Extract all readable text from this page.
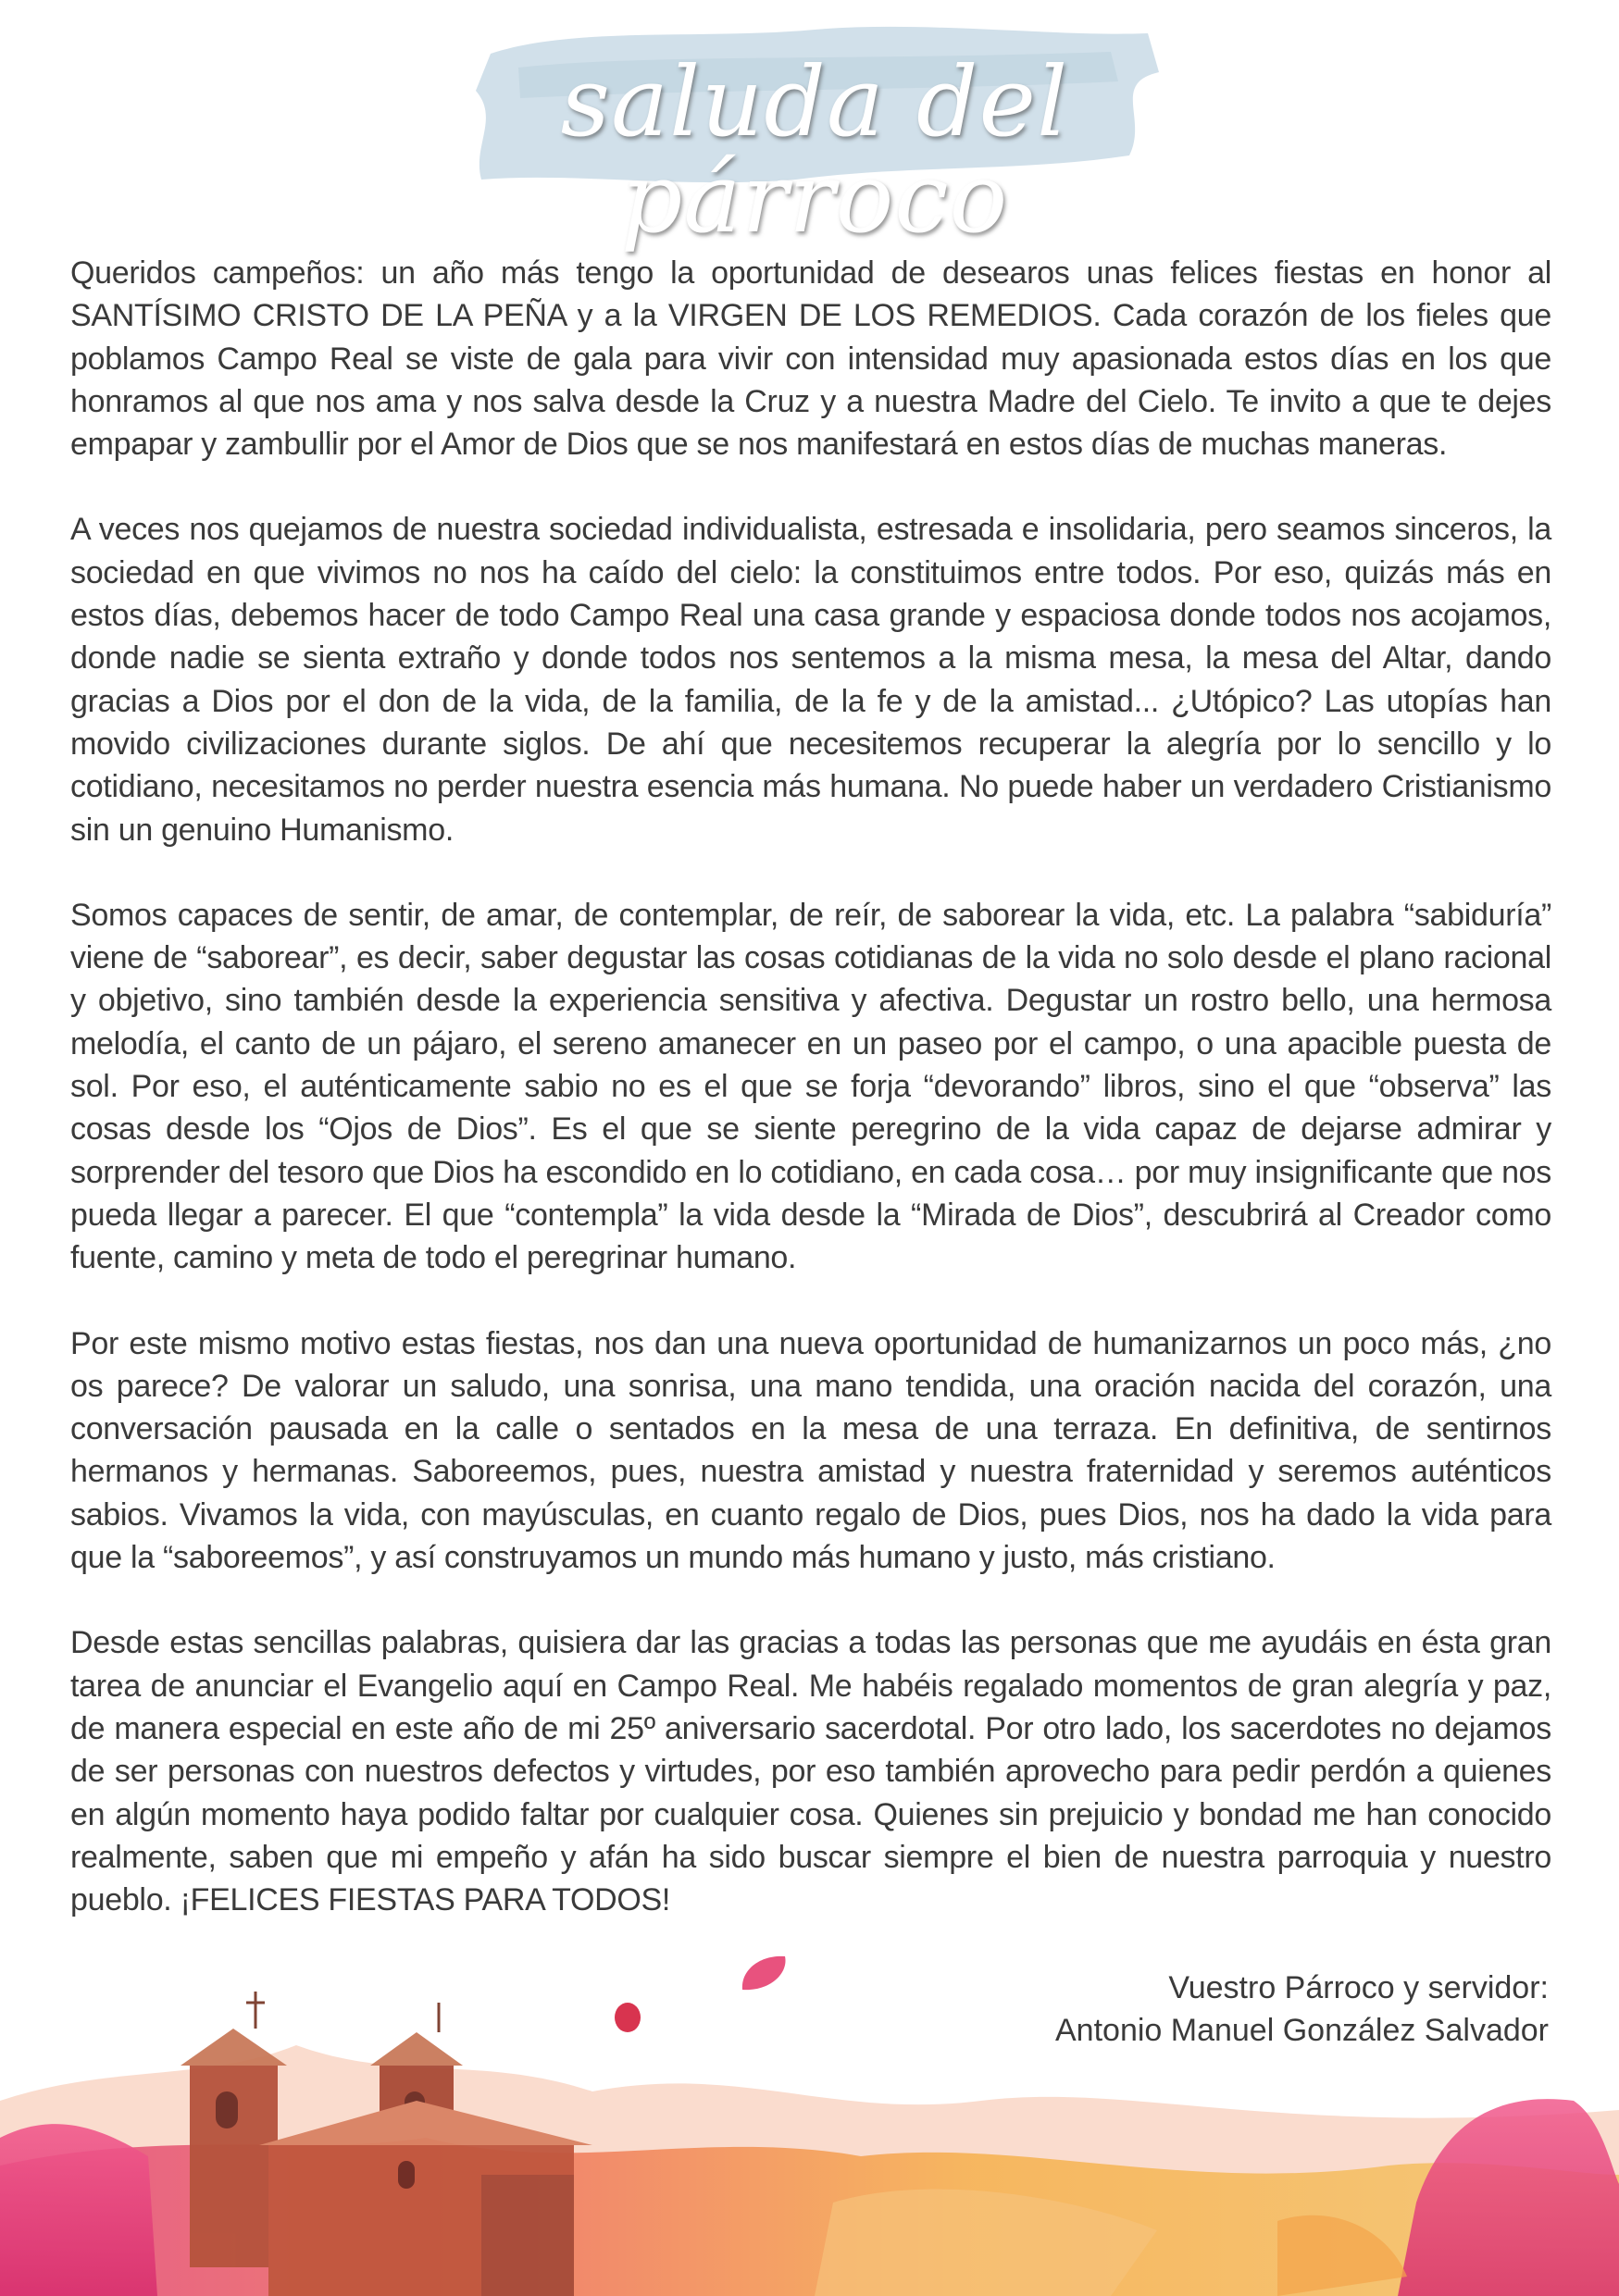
saluda del párroco

Queridos campeños: un año más tengo la oportunidad de desearos unas felices fiestas en honor al SANTÍSIMO CRISTO DE LA PEÑA y a la VIRGEN DE LOS REMEDIOS. Cada corazón de los fieles que poblamos Campo Real se viste de gala para vivir con intensidad muy apasionada estos días en los que honramos al que nos ama y nos salva desde la Cruz y a nuestra Madre del Cielo. Te invito a que te dejes empapar y zambullir por el Amor de Dios que se nos manifestará en estos días de muchas maneras.

A veces nos quejamos de nuestra sociedad individualista, estresada e insolidaria, pero seamos sinceros, la sociedad en que vivimos no nos ha caído del cielo: la constituimos entre todos. Por eso, quizás más en estos días, debemos hacer de todo Campo Real una casa grande y espaciosa donde todos nos acojamos, donde nadie se sienta extraño y donde todos nos sentemos a la misma mesa, la mesa del Altar, dando gracias a Dios por el don de la vida, de la familia, de la fe y de la amistad... ¿Utópico? Las utopías han movido civilizaciones durante siglos. De ahí que necesitemos recuperar la alegría por lo sencillo y lo cotidiano, necesitamos no perder nuestra esencia más humana. No puede haber un verdadero Cristianismo sin un genuino Humanismo.

Somos capaces de sentir, de amar, de contemplar, de reír, de saborear la vida, etc. La palabra “sabiduría” viene de “saborear”, es decir, saber degustar las cosas cotidianas de la vida no solo desde el plano racional y objetivo, sino también desde la experiencia sensitiva y afectiva. Degustar un rostro bello, una hermosa melodía, el canto de un pájaro, el sereno amanecer en un paseo por el campo, o una apacible puesta de sol. Por eso, el auténticamente sabio no es el que se forja “devorando” libros, sino el que “observa” las cosas desde los “Ojos de Dios”. Es el que se siente peregrino de la vida capaz de dejarse admirar y sorprender del tesoro que Dios ha escondido en lo cotidiano, en cada cosa… por muy insignificante que nos pueda llegar a parecer. El que “contempla” la vida desde la “Mirada de Dios”, descubrirá al Creador como fuente, camino y meta de todo el peregrinar humano.

Por este mismo motivo estas fiestas, nos dan una nueva oportunidad de humanizarnos un poco más, ¿no os parece? De valorar un saludo, una sonrisa, una mano tendida, una oración nacida del corazón, una conversación pausada en la calle o sentados en la mesa de una terraza. En definitiva, de sentirnos hermanos y hermanas. Saboreemos, pues, nuestra amistad y nuestra fraternidad y seremos auténticos sabios. Vivamos la vida, con mayúsculas, en cuanto regalo de Dios, pues Dios, nos ha dado la vida para que la “saboreemos”, y así construyamos un mundo más humano y justo, más cristiano.

Desde estas sencillas palabras, quisiera dar las gracias a todas las personas que me ayudáis en ésta gran tarea de anunciar el Evangelio aquí en Campo Real. Me habéis regalado momentos de gran alegría y paz, de manera especial en este año de mi 25º aniversario sacerdotal. Por otro lado, los sacerdotes no dejamos de ser personas con nuestros defectos y virtudes, por eso también aprovecho para pedir perdón a quienes en algún momento haya podido faltar por cualquier cosa. Quienes sin prejuicio y bondad me han conocido realmente, saben que mi empeño y afán ha sido buscar siempre el bien de nuestra parroquia y nuestro pueblo. ¡FELICES FIESTAS PARA TODOS!

Vuestro Párroco y servidor:
Antonio Manuel González Salvador
